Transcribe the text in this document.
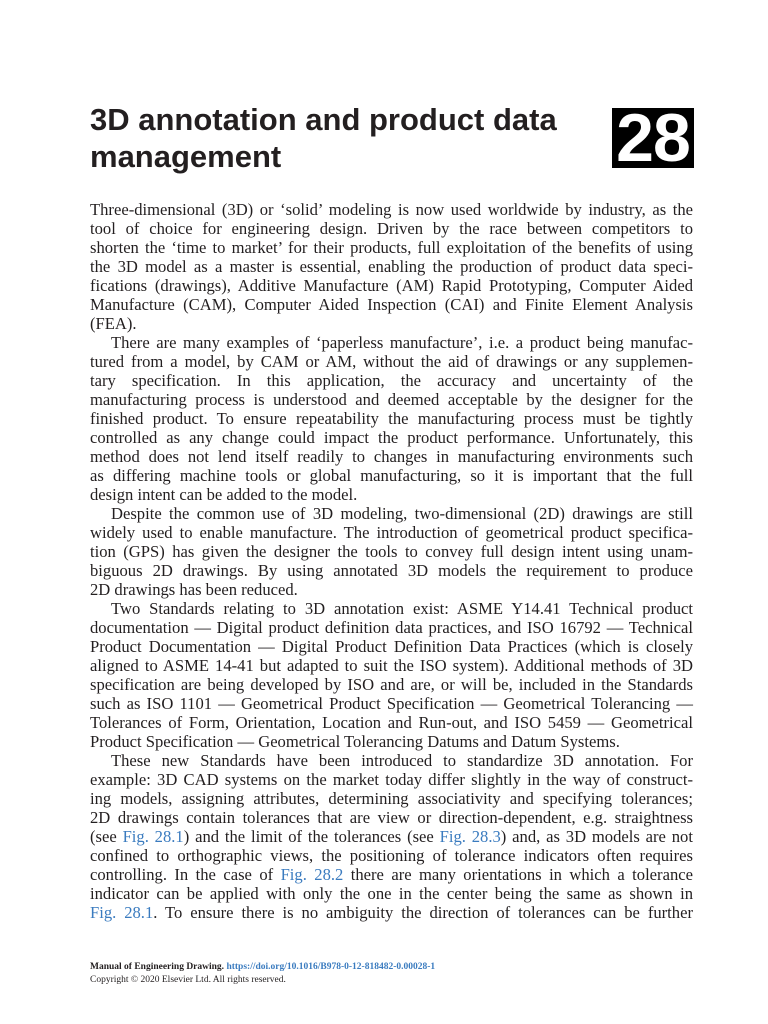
3D annotation and product data
management	28
Three-dimensional (3D) or ‘solid’ modeling is now used worldwide by industry, as the
tool of choice for engineering design. Driven by the race between competitors to
shorten the ‘time to market’ for their products, full exploitation of the benefits of using
the 3D model as a master is essential, enabling the production of product data speci-
fications (drawings), Additive Manufacture (AM) Rapid Prototyping, Computer Aided
Manufacture (CAM), Computer Aided Inspection (CAI) and Finite Element Analysis
(FEA).
There are many examples of ‘paperless manufacture’, i.e. a product being manufac-
tured from a model, by CAM or AM, without the aid of drawings or any supplemen-
tary specification. In this application, the accuracy and uncertainty of the
manufacturing process is understood and deemed acceptable by the designer for the
finished product. To ensure repeatability the manufacturing process must be tightly
controlled as any change could impact the product performance. Unfortunately, this
method does not lend itself readily to changes in manufacturing environments such
as differing machine tools or global manufacturing, so it is important that the full
design intent can be added to the model.
Despite the common use of 3D modeling, two-dimensional (2D) drawings are still
widely used to enable manufacture. The introduction of geometrical product specifica-
tion (GPS) has given the designer the tools to convey full design intent using unam-
biguous 2D drawings. By using annotated 3D models the requirement to produce
2D drawings has been reduced.
Two Standards relating to 3D annotation exist: ASME Y14.41 Technical product
documentation — Digital product definition data practices, and ISO 16792 — Technical
Product Documentation — Digital Product Definition Data Practices (which is closely
aligned to ASME 14-41 but adapted to suit the ISO system). Additional methods of 3D
specification are being developed by ISO and are, or will be, included in the Standards
such as ISO 1101 — Geometrical Product Specification — Geometrical Tolerancing —
Tolerances of Form, Orientation, Location and Run-out, and ISO 5459 — Geometrical
Product Specification — Geometrical Tolerancing Datums and Datum Systems.
These new Standards have been introduced to standardize 3D annotation. For
example: 3D CAD systems on the market today differ slightly in the way of construct-
ing models, assigning attributes, determining associativity and specifying tolerances;
2D drawings contain tolerances that are view or direction-dependent, e.g. straightness
(see Fig. 28.1) and the limit of the tolerances (see Fig. 28.3) and, as 3D models are not
confined to orthographic views, the positioning of tolerance indicators often requires
controlling. In the case of Fig. 28.2 there are many orientations in which a tolerance
indicator can be applied with only the one in the center being the same as shown in
Fig. 28.1. To ensure there is no ambiguity the direction of tolerances can be further
Manual of Engineering Drawing. https://doi.org/10.1016/B978-0-12-818482-0.00028-1
Copyright © 2020 Elsevier Ltd. All rights reserved.
